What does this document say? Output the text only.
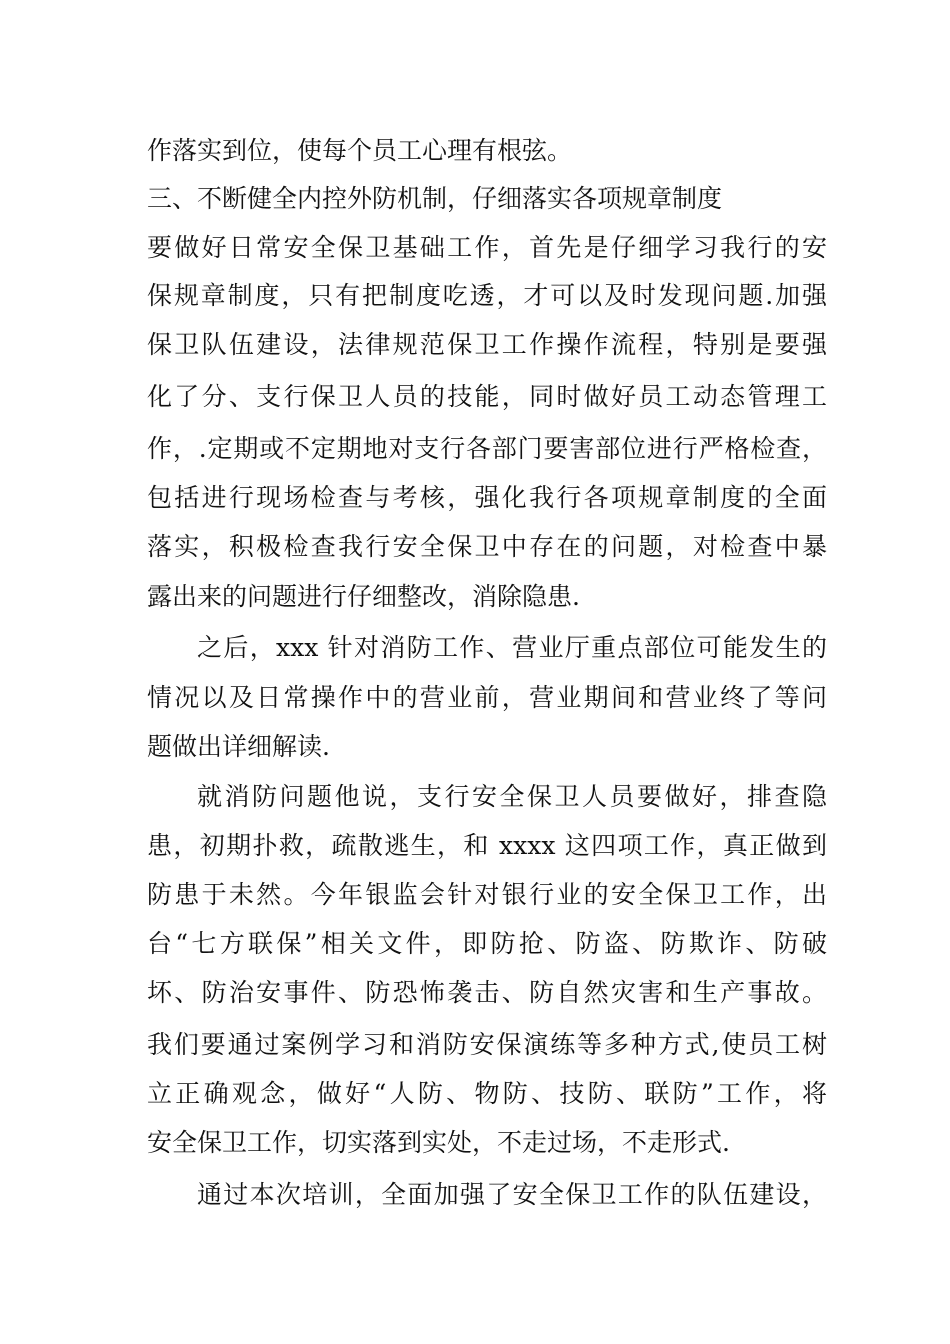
作落实到位，使每个员工心理有根弦。
三、不断健全内控外防机制，仔细落实各项规章制度
要做好日常安全保卫基础工作，首先是仔细学习我行的安
保规章制度，只有把制度吃透，才可以及时发现问题.加强
保卫队伍建设，法律规范保卫工作操作流程，特别是要强
化了分、支行保卫人员的技能，同时做好员工动态管理工
作，.定期或不定期地对支行各部门要害部位进行严格检查，
包括进行现场检查与考核，强化我行各项规章制度的全面
落实，积极检查我行安全保卫中存在的问题，对检查中暴
露出来的问题进行仔细整改，消除隐患.
之后，xxx 针对消防工作、营业厅重点部位可能发生的
情况以及日常操作中的营业前，营业期间和营业终了等问
题做出详细解读.
就消防问题他说，支行安全保卫人员要做好，排查隐
患，初期扑救，疏散逃生，和 xxxx 这四项工作，真正做到
防患于未然。今年银监会针对银行业的安全保卫工作，出
台“七方联保”相关文件，即防抢、防盗、防欺诈、防破
坏、防治安事件、防恐怖袭击、防自然灾害和生产事故。
我们要通过案例学习和消防安保演练等多种方式,使员工树
立正确观念，做好“人防、物防、技防、联防”工作，将
安全保卫工作，切实落到实处，不走过场，不走形式.
通过本次培训，全面加强了安全保卫工作的队伍建设，
